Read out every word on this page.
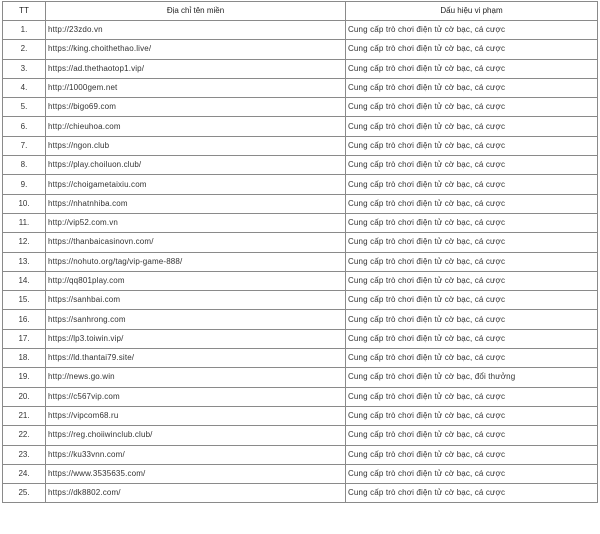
TT	Địa chỉ tên miền	Dấu hiệu vi phạm
1.	http://23zdo.vn	Cung cấp trò chơi điện tử cờ bạc, cá cược
2.	https://king.choithethao.live/	Cung cấp trò chơi điện tử cờ bạc, cá cược
3.	https://ad.thethaotop1.vip/	Cung cấp trò chơi điện tử cờ bạc, cá cược
4.	http://1000gem.net	Cung cấp trò chơi điện tử cờ bạc, cá cược
5.	https://bigo69.com	Cung cấp trò chơi điện tử cờ bạc, cá cược
6.	http://chieuhoa.com	Cung cấp trò chơi điện tử cờ bạc, cá cược
7.	https://ngon.club	Cung cấp trò chơi điện tử cờ bạc, cá cược
8.	https://play.choiluon.club/	Cung cấp trò chơi điện tử cờ bạc, cá cược
9.	https://choigametaixiu.com	Cung cấp trò chơi điện tử cờ bạc, cá cược
10.	https://nhatnhiba.com	Cung cấp trò chơi điện tử cờ bạc, cá cược
11.	http://vip52.com.vn	Cung cấp trò chơi điện tử cờ bạc, cá cược
12.	https://thanbaicasinovn.com/	Cung cấp trò chơi điện tử cờ bạc, cá cược
13.	https://nohuto.org/tag/vip-game-888/	Cung cấp trò chơi điện tử cờ bạc, cá cược
14.	http://qq801play.com	Cung cấp trò chơi điện tử cờ bạc, cá cược
15.	https://sanhbai.com	Cung cấp trò chơi điện tử cờ bạc, cá cược
16.	https://sanhrong.com	Cung cấp trò chơi điện tử cờ bạc, cá cược
17.	https://lp3.toiwin.vip/	Cung cấp trò chơi điện tử cờ bạc, cá cược
18.	https://ld.thantai79.site/	Cung cấp trò chơi điện tử cờ bạc, cá cược
19.	http://news.go.win	Cung cấp trò chơi điện tử cờ bạc, đổi thưởng
20.	https://c567vip.com	Cung cấp trò chơi điện tử cờ bạc, cá cược
21.	https://vipcom68.ru	Cung cấp trò chơi điện tử cờ bạc, cá cược
22.	https://reg.choiiwinclub.club/	Cung cấp trò chơi điện tử cờ bạc, cá cược
23.	https://ku33vnn.com/	Cung cấp trò chơi điện tử cờ bạc, cá cược
24.	https://www.3535635.com/	Cung cấp trò chơi điện tử cờ bạc, cá cược
25.	https://dk8802.com/	Cung cấp trò chơi điện tử cờ bạc, cá cược
